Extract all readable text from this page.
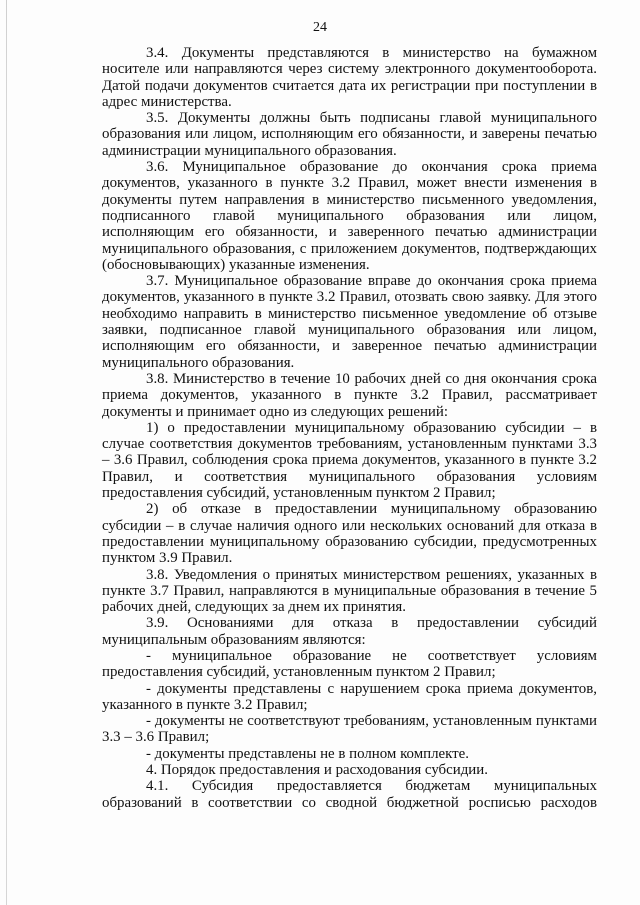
24

3.4. Документы представляются в министерство на бумажном носителе или направляются через систему электронного документооборота. Датой подачи документов считается дата их регистрации при поступлении в адрес министерства.

3.5. Документы должны быть подписаны главой муниципального образования или лицом, исполняющим его обязанности, и заверены печатью администрации муниципального образования.

3.6. Муниципальное образование до окончания срока приема документов, указанного в пункте 3.2 Правил, может внести изменения в документы путем направления в министерство письменного уведомления, подписанного главой муниципального образования или лицом, исполняющим его обязанности, и заверенного печатью администрации муниципального образования, с приложением документов, подтверждающих (обосновывающих) указанные изменения.

3.7. Муниципальное образование вправе до окончания срока приема документов, указанного в пункте 3.2 Правил, отозвать свою заявку. Для этого необходимо направить в министерство письменное уведомление об отзыве заявки, подписанное главой муниципального образования или лицом, исполняющим его обязанности, и заверенное печатью администрации муниципального образования.

3.8. Министерство в течение 10 рабочих дней со дня окончания срока приема документов, указанного в пункте 3.2 Правил, рассматривает документы и принимает одно из следующих решений:

1) о предоставлении муниципальному образованию субсидии – в случае соответствия документов требованиям, установленным пунктами 3.3 – 3.6 Правил, соблюдения срока приема документов, указанного в пункте 3.2 Правил, и соответствия муниципального образования условиям предоставления субсидий, установленным пунктом 2 Правил;

2) об отказе в предоставлении муниципальному образованию субсидии – в случае наличия одного или нескольких оснований для отказа в предоставлении муниципальному образованию субсидии, предусмотренных пунктом 3.9 Правил.

3.8. Уведомления о принятых министерством решениях, указанных в пункте 3.7 Правил, направляются в муниципальные образования в течение 5 рабочих дней, следующих за днем их принятия.

3.9. Основаниями для отказа в предоставлении субсидий муниципальным образованиям являются:

- муниципальное образование не соответствует условиям предоставления субсидий, установленным пунктом 2 Правил;

- документы представлены с нарушением срока приема документов, указанного в пункте 3.2 Правил;

- документы не соответствуют требованиям, установленным пунктами 3.3 – 3.6 Правил;

- документы представлены не в полном комплекте.

4. Порядок предоставления и расходования субсидии.

4.1. Субсидия предоставляется бюджетам муниципальных образований в соответствии со сводной бюджетной росписью расходов
